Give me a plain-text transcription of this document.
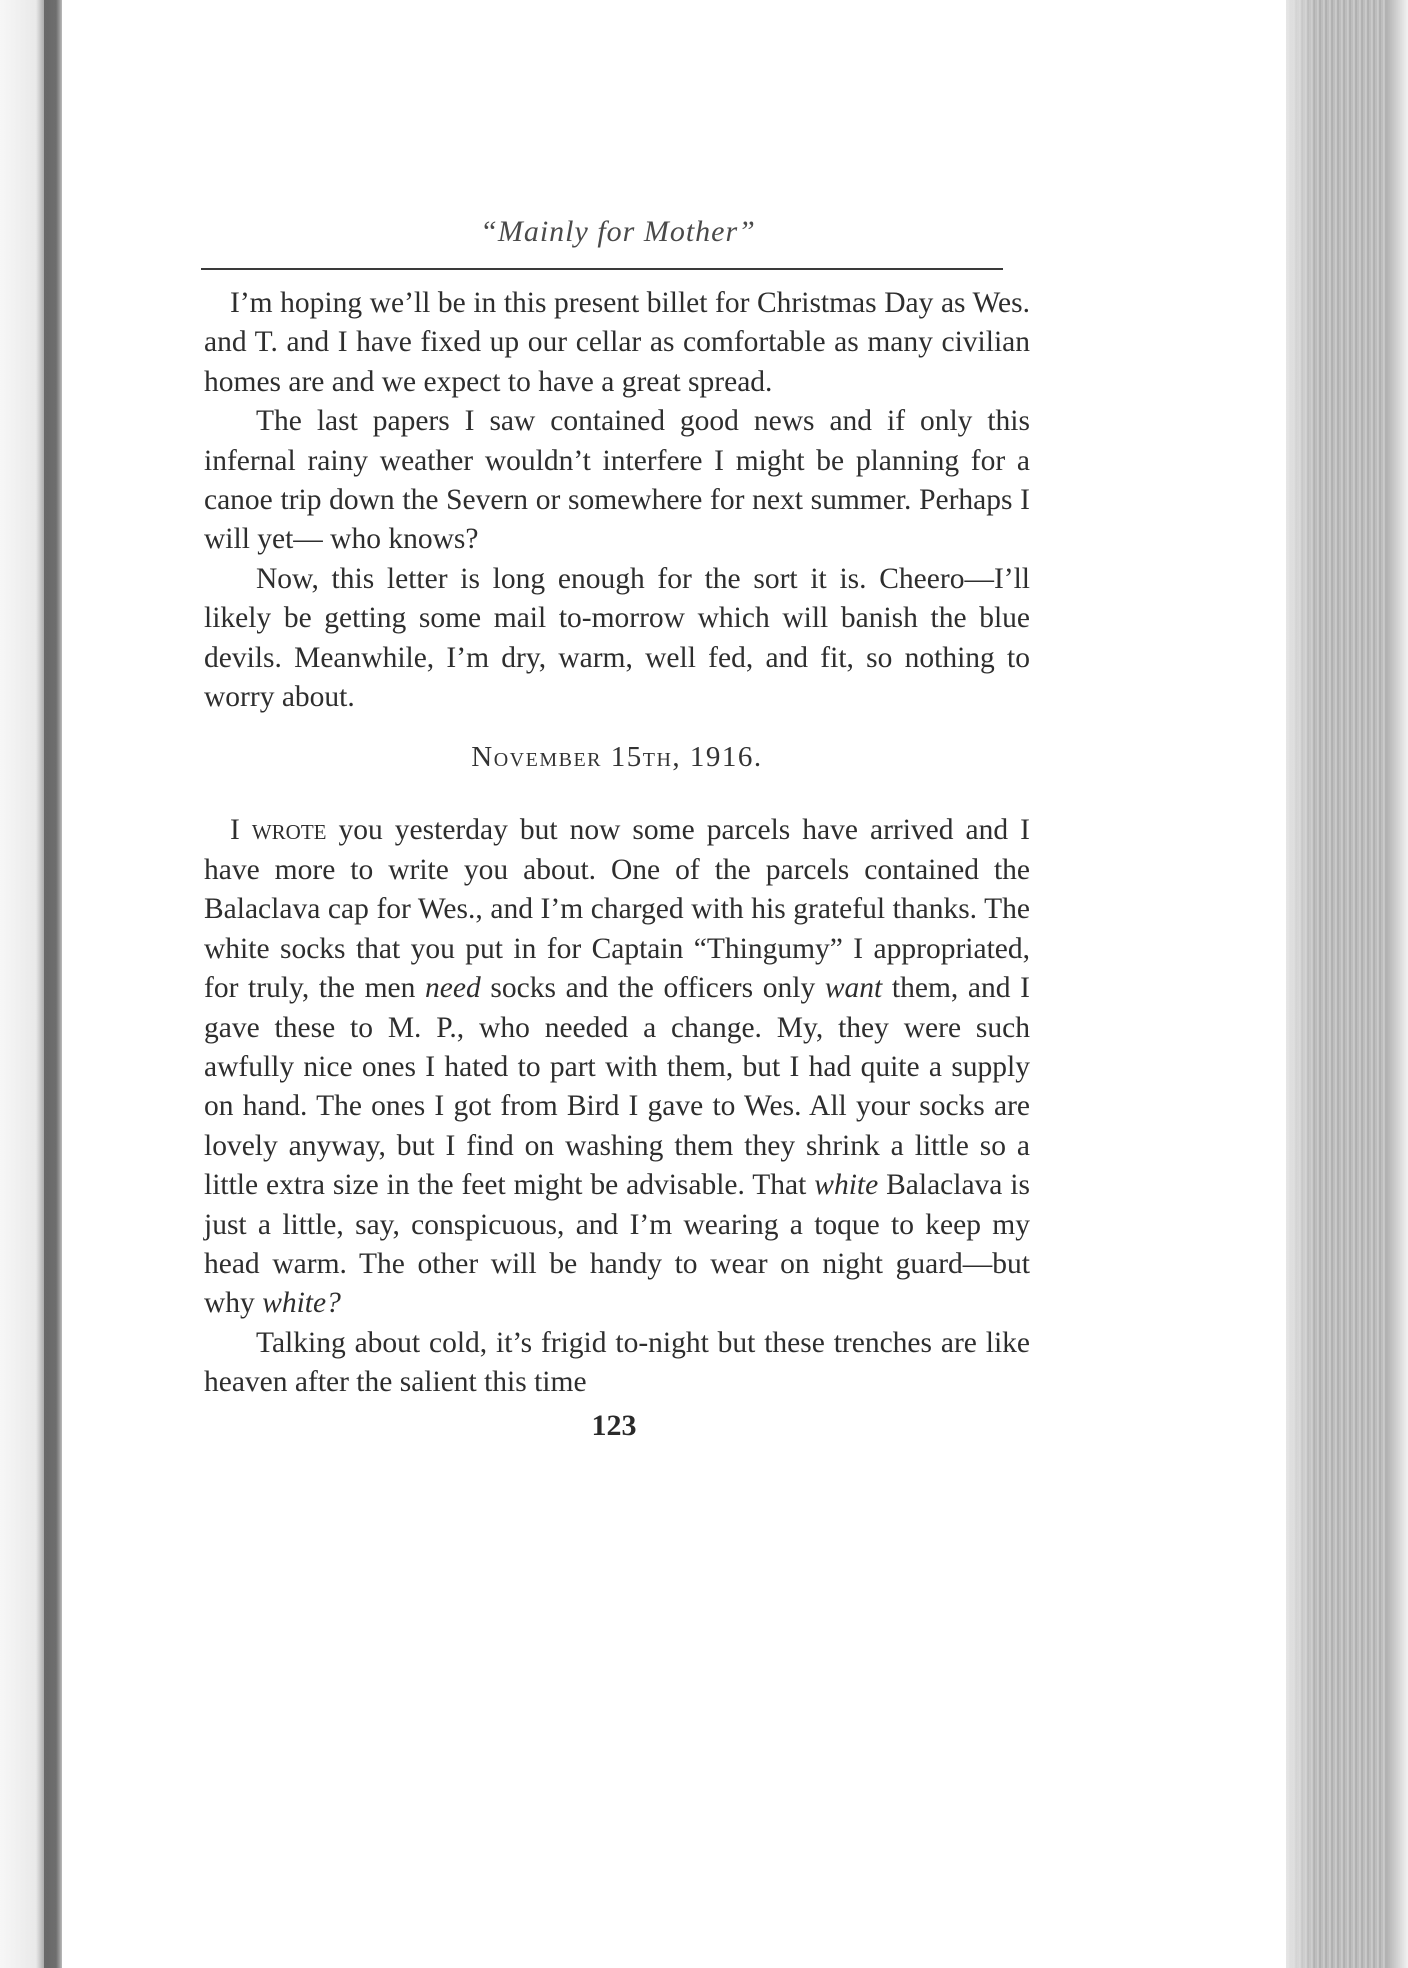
“Mainly for Mother”

I’m hoping we’ll be in this present billet for Christmas Day as Wes. and T. and I have fixed up our cellar as comfortable as many civilian homes are and we expect to have a great spread.

The last papers I saw contained good news and if only this infernal rainy weather wouldn’t interfere I might be planning for a canoe trip down the Severn or somewhere for next summer. Perhaps I will yet— who knows?

Now, this letter is long enough for the sort it is. Cheero—I’ll likely be getting some mail to-morrow which will banish the blue devils. Meanwhile, I’m dry, warm, well fed, and fit, so nothing to worry about.

November 15th, 1916.

I wrote you yesterday but now some parcels have arrived and I have more to write you about. One of the parcels contained the Balaclava cap for Wes., and I’m charged with his grateful thanks. The white socks that you put in for Captain “Thingumy” I appropriated, for truly, the men need socks and the officers only want them, and I gave these to M. P., who needed a change. My, they were such awfully nice ones I hated to part with them, but I had quite a supply on hand. The ones I got from Bird I gave to Wes. All your socks are lovely anyway, but I find on washing them they shrink a little so a little extra size in the feet might be advisable. That white Balaclava is just a little, say, conspicuous, and I’m wearing a toque to keep my head warm. The other will be handy to wear on night guard—but why white?

Talking about cold, it’s frigid to-night but these trenches are like heaven after the salient this time

123
